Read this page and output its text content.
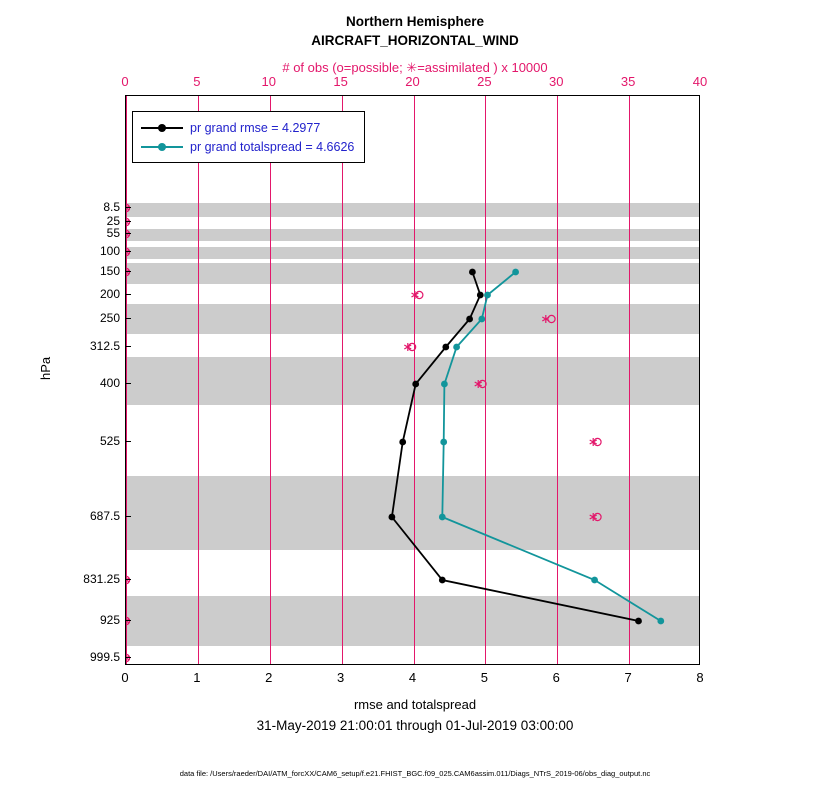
Northern Hemisphere
AIRCRAFT_HORIZONTAL_WIND
# of obs (o=possible; ✳=assimilated ) x 10000
8.5
25
55
100
150
200
250
312.5
400
525
687.5
831.25
925
999.5
hPa
rmse and totalspread
31-May-2019 21:00:01 through 01-Jul-2019 03:00:00
data file: /Users/raeder/DAI/ATM_forcXX/CAM6_setup/f.e21.FHIST_BGC.f09_025.CAM6assim.011/Diags_NTrS_2019-06/obs_diag_output.nc
pr grand rmse = 4.2977
pr grand totalspread = 4.6626
0	5	10	15	20	25	30	35	40
0	1	2	3	4	5	6	7	8
